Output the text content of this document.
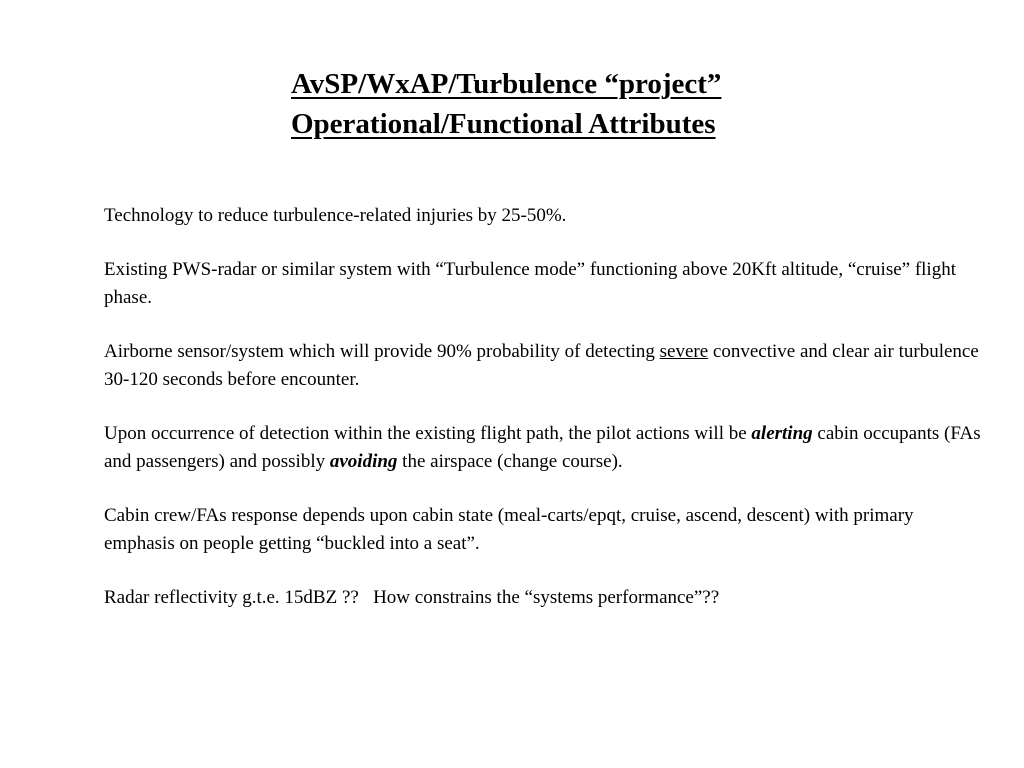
AvSP/WxAP/Turbulence “project”
Operational/Functional Attributes

Technology to reduce turbulence-related injuries by 25-50%.

Existing PWS-radar or similar system with “Turbulence mode” functioning above 20Kft altitude, “cruise” flight phase.

Airborne sensor/system which will provide 90% probability of detecting severe convective and clear air turbulence 30-120 seconds before encounter.

Upon occurrence of detection within the existing flight path, the pilot actions will be alerting cabin occupants (FAs and passengers) and possibly avoiding the airspace (change course).

Cabin crew/FAs response depends upon cabin state (meal-carts/epqt, cruise, ascend, descent) with primary emphasis on people getting “buckled into a seat”.

Radar reflectivity g.t.e. 15dBZ ??   How constrains the “systems performance”??
